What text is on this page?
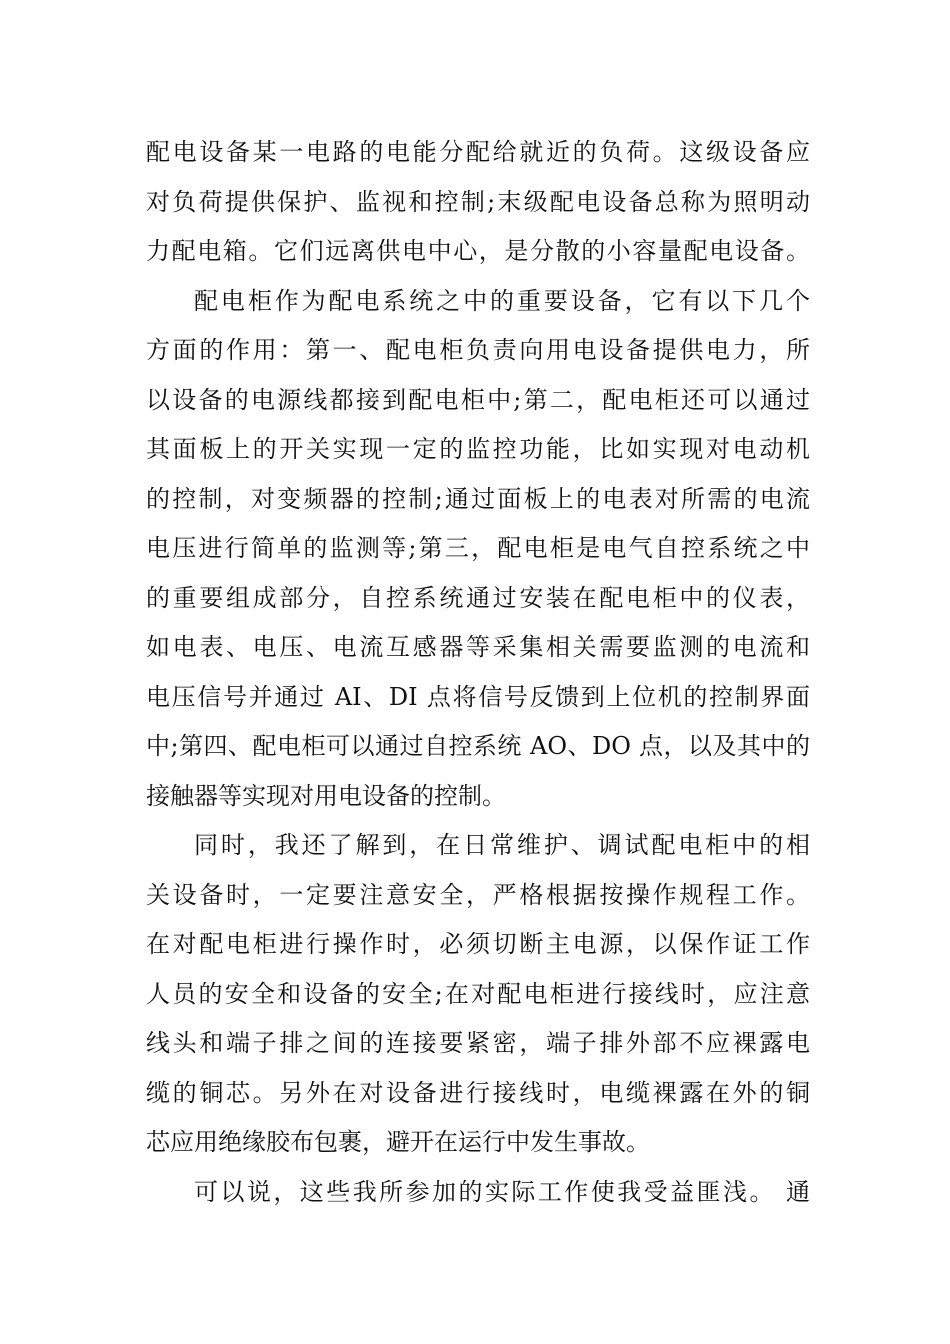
配电设备某一电路的电能分配给就近的负荷。这级设备应
对负荷提供保护、监视和控制;末级配电设备总称为照明动
力配电箱。它们远离供电中心，是分散的小容量配电设备。
配电柜作为配电系统之中的重要设备，它有以下几个
方面的作用：第一、配电柜负责向用电设备提供电力，所
以设备的电源线都接到配电柜中;第二，配电柜还可以通过
其面板上的开关实现一定的监控功能，比如实现对电动机
的控制，对变频器的控制;通过面板上的电表对所需的电流
电压进行简单的监测等;第三，配电柜是电气自控系统之中
的重要组成部分，自控系统通过安装在配电柜中的仪表，
如电表、电压、电流互感器等采集相关需要监测的电流和
电压信号并通过 AI、DI 点将信号反馈到上位机的控制界面
中;第四、配电柜可以通过自控系统 AO、DO 点，以及其中的
接触器等实现对用电设备的控制。
同时，我还了解到，在日常维护、调试配电柜中的相
关设备时，一定要注意安全，严格根据按操作规程工作。
在对配电柜进行操作时，必须切断主电源，以保作证工作
人员的安全和设备的安全;在对配电柜进行接线时，应注意
线头和端子排之间的连接要紧密，端子排外部不应裸露电
缆的铜芯。另外在对设备进行接线时，电缆裸露在外的铜
芯应用绝缘胶布包裹，避开在运行中发生事故。
可以说，这些我所参加的实际工作使我受益匪浅。 通
